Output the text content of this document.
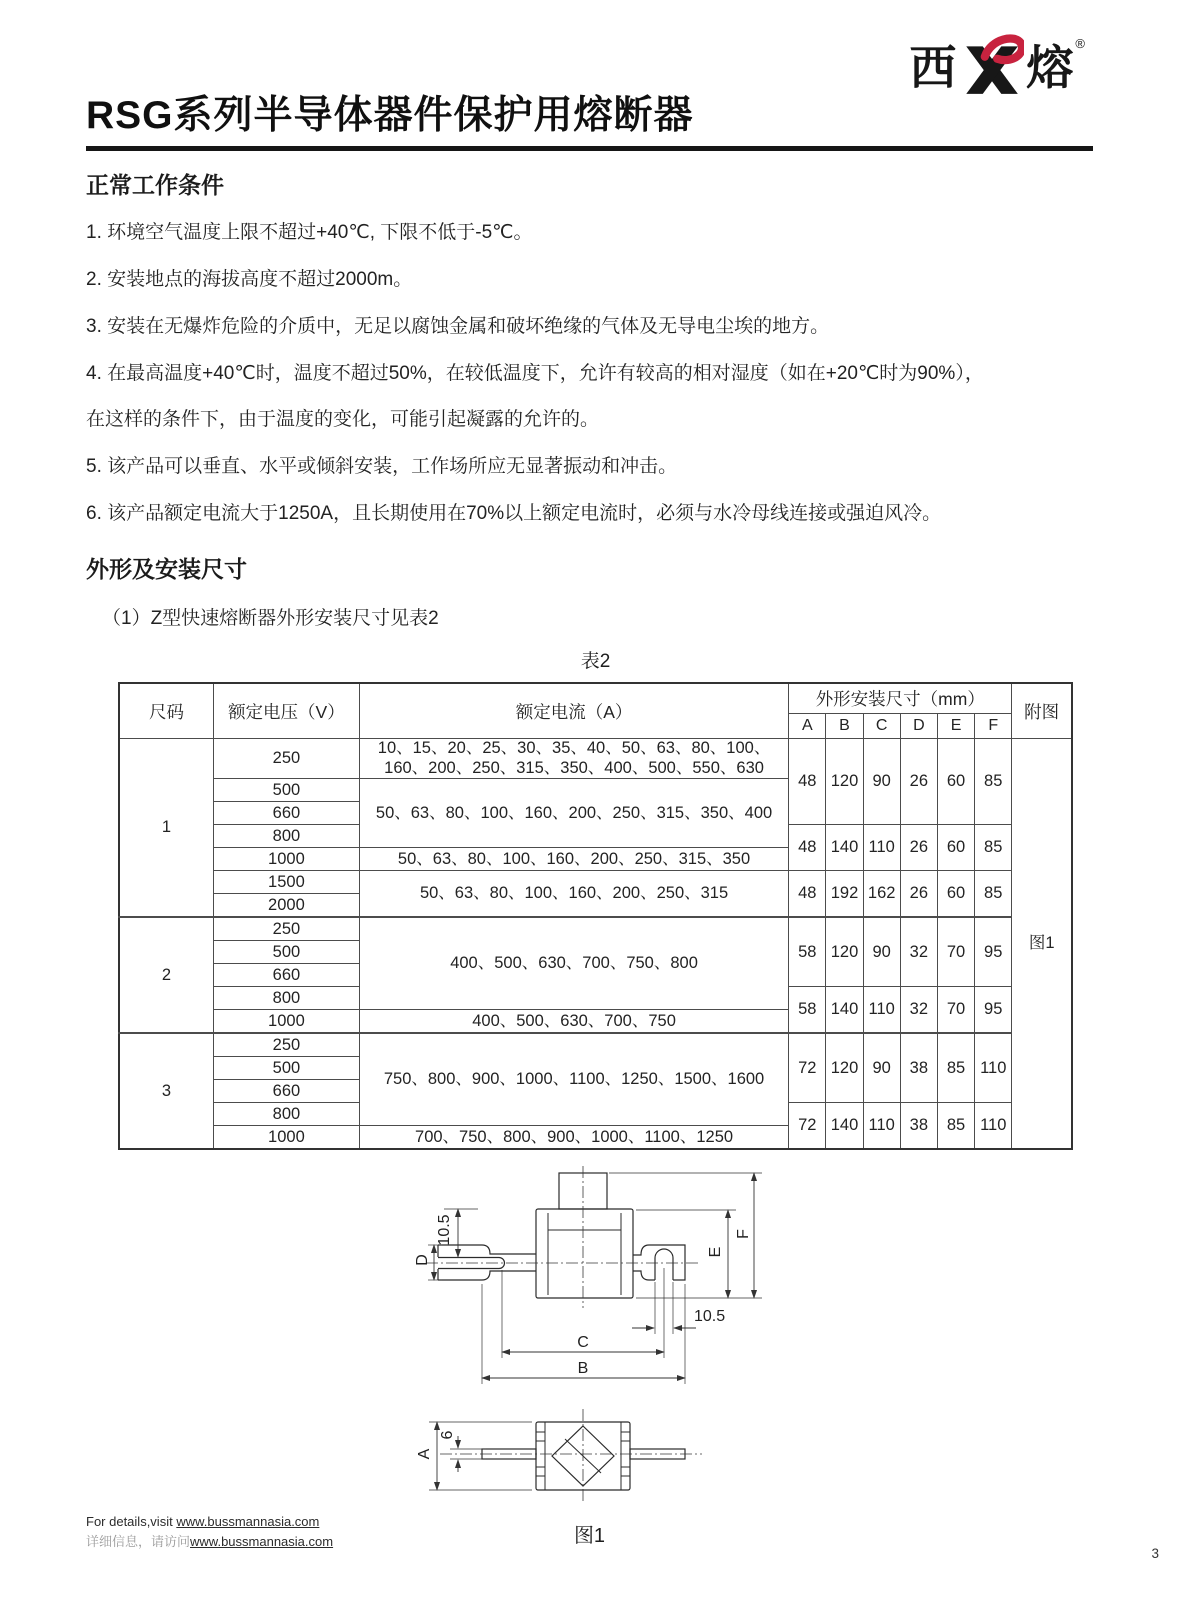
西 熔 ®
RSG系列半导体器件保护用熔断器
正常工作条件

1. 环境空气温度上限不超过+40℃, 下限不低于-5℃。

2. 安装地点的海拔高度不超过2000m。

3. 安装在无爆炸危险的介质中，无足以腐蚀金属和破坏绝缘的气体及无导电尘埃的地方。

4. 在最高温度+40℃时，温度不超过50%，在较低温度下，允许有较高的相对湿度（如在+20℃时为90%），

在这样的条件下，由于温度的变化，可能引起凝露的允许的。

5. 该产品可以垂直、水平或倾斜安装，工作场所应无显著振动和冲击。

6. 该产品额定电流大于1250A，且长期使用在70%以上额定电流时，必须与水冷母线连接或强迫风冷。

外形及安装尺寸
（1）Z型快速熔断器外形安装尺寸见表2
表2
尺码	额定电压（V）	额定电流（A）	外形安装尺寸（mm）						附图
			A	B	C	D	E	F	
1	250	10、15、20、25、30、35、40、50、63、80、100、160、200、250、315、350、400、500、550、630	48	120	90	26	60	85	图1
	500	50、63、80、100、160、200、250、315、350、400							
	660								
	800		48	140	110	26	60	85	
	1000	50、63、80、100、160、200、250、315、350							
	1500	50、63、80、100、160、200、250、315	48	192	162	26	60	85	
	2000								
2	250	400、500、630、700、750、800	58	120	90	32	70	95	
	500								
	660								
	800		58	140	110	32	70	95	
	1000	400、500、630、700、750							
3	250	750、800、900、1000、1100、1250、1500、1600	72	120	90	38	85	110	
	500								
	660								
	800		72	140	110	38	85	110	
	1000	700、750、800、900、1000、1100、1250							
D
10.5
E
F
10.5
C
B
A
6
图1
For details,visit www.bussmannasia.com
详细信息，请访问www.bussmannasia.com
3
